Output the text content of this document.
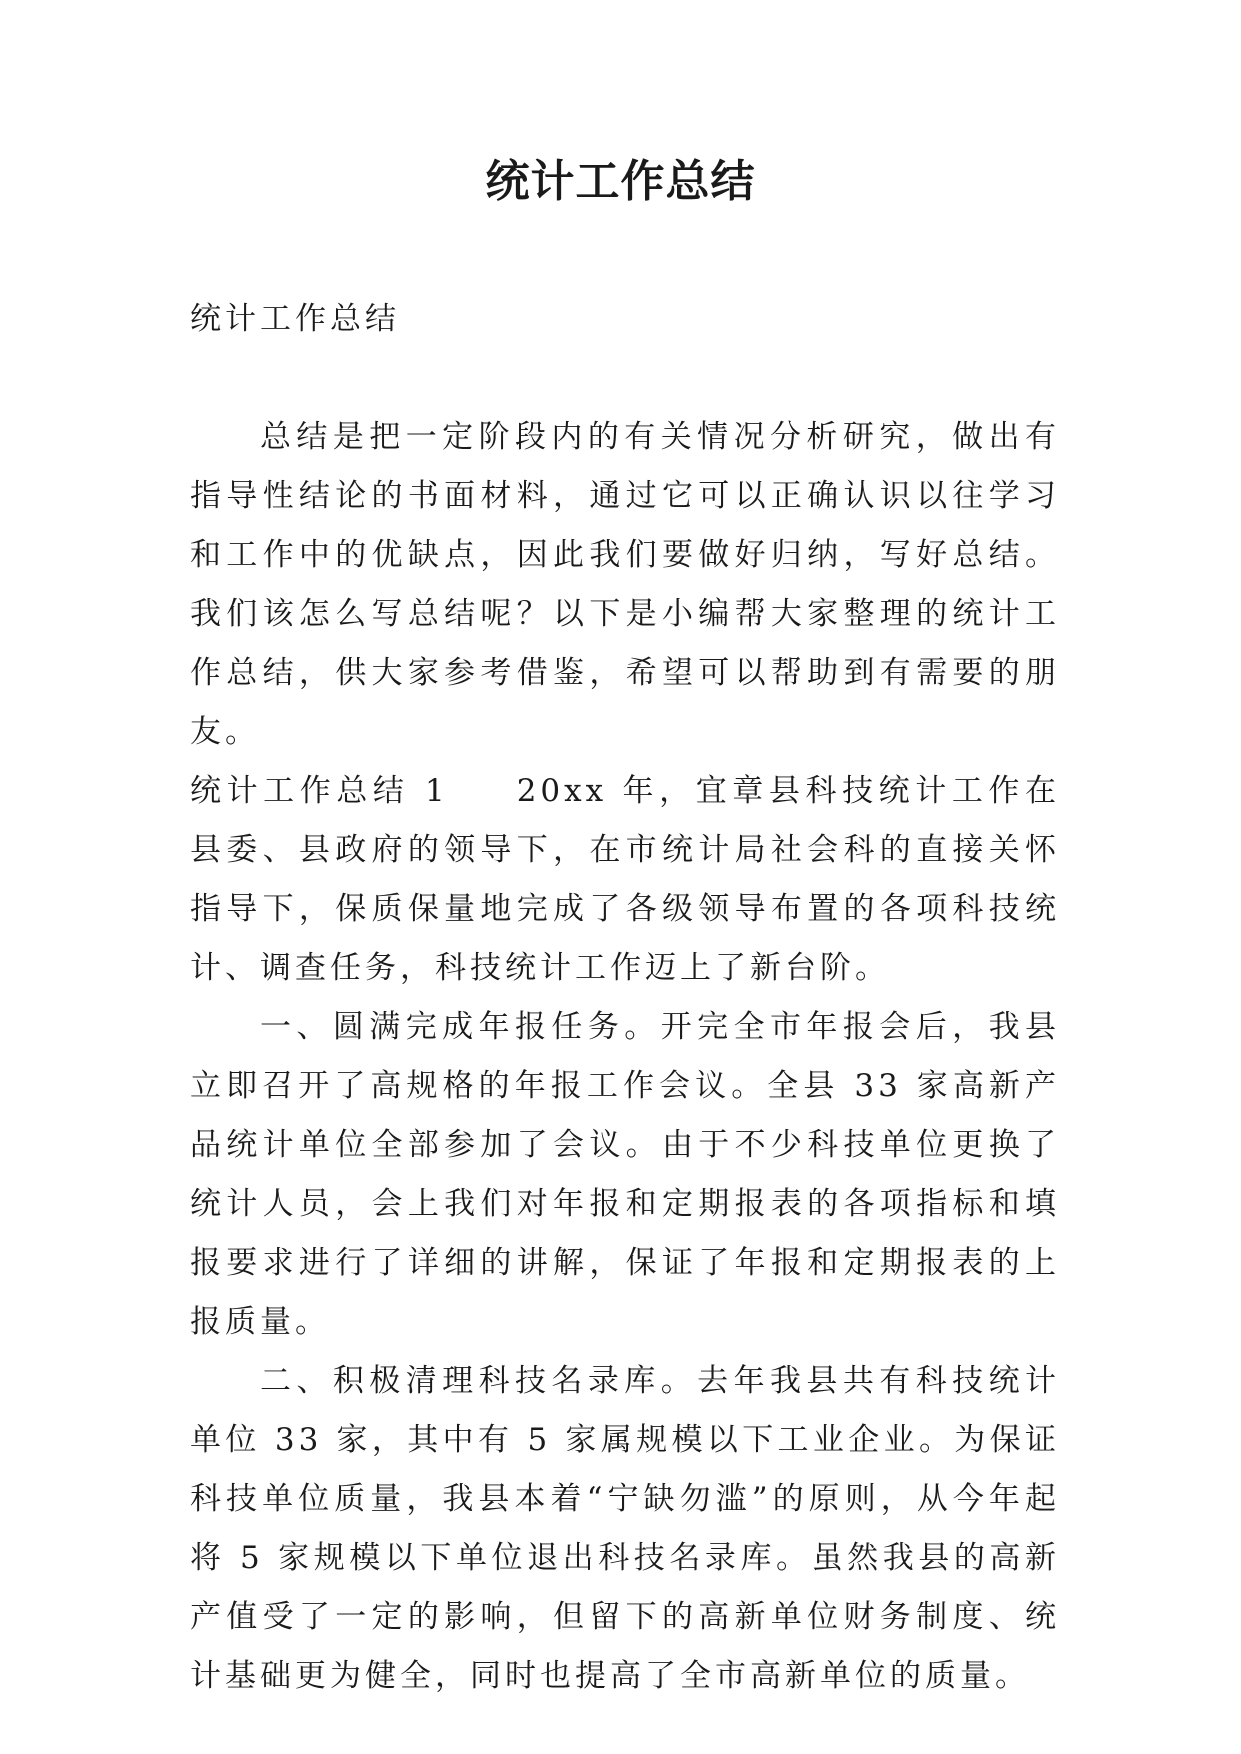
统计工作总结
统计工作总结

总结是把一定阶段内的有关情况分析研究，做出有指导性结论的书面材料，通过它可以正确认识以往学习和工作中的优缺点，因此我们要做好归纳，写好总结。我们该怎么写总结呢？以下是小编帮大家整理的统计工作总结，供大家参考借鉴，希望可以帮助到有需要的朋友。

统计工作总结 1 20xx 年，宜章县科技统计工作在县委、县政府的领导下，在市统计局社会科的直接关怀指导下，保质保量地完成了各级领导布置的各项科技统计、调查任务，科技统计工作迈上了新台阶。

一、圆满完成年报任务。开完全市年报会后，我县立即召开了高规格的年报工作会议。全县 33 家高新产品统计单位全部参加了会议。由于不少科技单位更换了统计人员，会上我们对年报和定期报表的各项指标和填报要求进行了详细的讲解，保证了年报和定期报表的上报质量。

二、积极清理科技名录库。去年我县共有科技统计单位 33 家，其中有 5 家属规模以下工业企业。为保证科技单位质量，我县本着“宁缺勿滥”的原则，从今年起将 5 家规模以下单位退出科技名录库。虽然我县的高新产值受了一定的影响，但留下的高新单位财务制度、统计基础更为健全，同时也提高了全市高新单位的质量。
